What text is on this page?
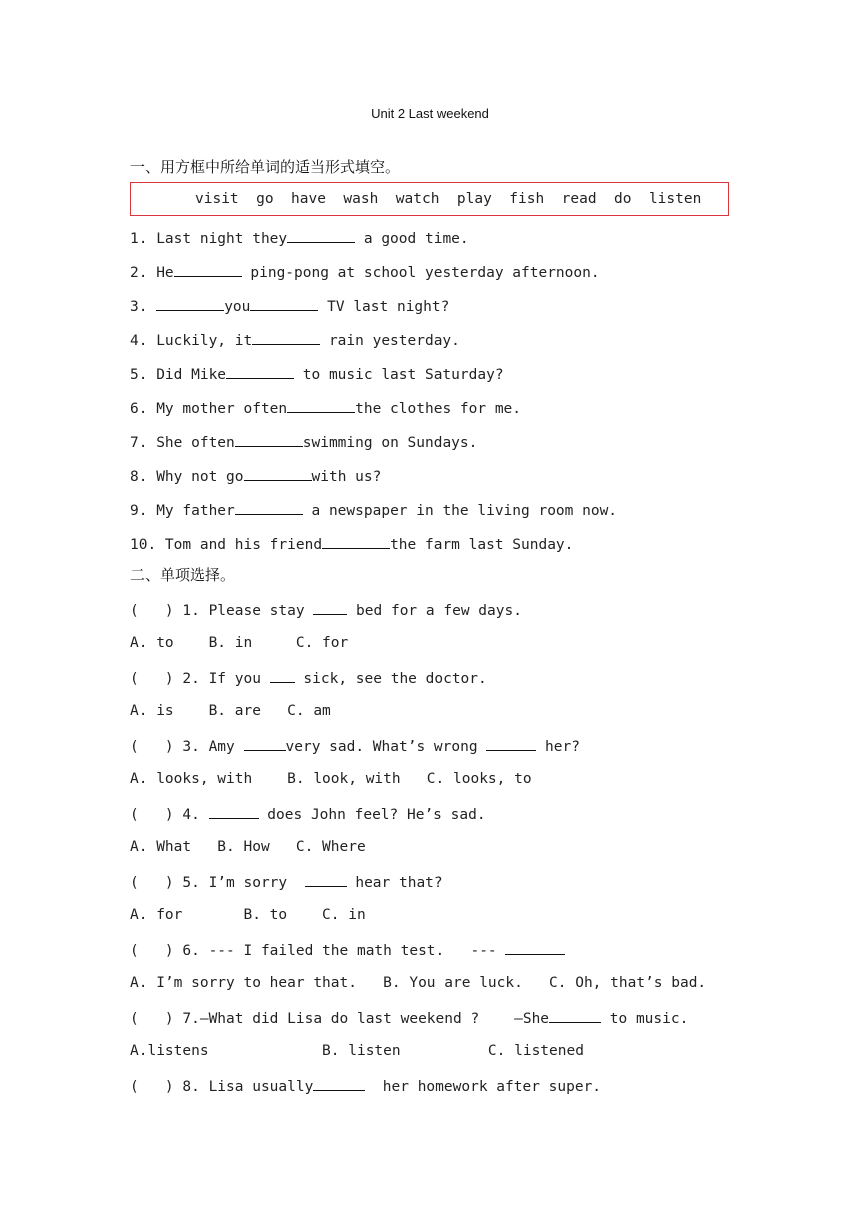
Unit 2 Last weekend
一、用方框中所给单词的适当形式填空。
visit  go  have  wash  watch  play  fish  read  do  listen
1. Last night they	a good time.
2. He	ping-pong at school yesterday afternoon.
3.	you	TV last night?
4. Luckily, it	rain yesterday.
5. Did Mike	to music last Saturday?
6. My mother often	the clothes for me.
7. She often	swimming on Sundays.
8. Why not go	with us?
9. My father	a newspaper in the living room now.
10. Tom and his friend	the farm last Sunday.
二、单项选择。
(   ) 1. Please stay  bed for a few days.
A. to    B. in     C. for
(   ) 2. If you  sick, see the doctor.
A. is    B. are   C. am
(   ) 3. Amy	very sad. What’s wrong	her?
A. looks, with    B. look, with   C. looks, to
(   ) 4.	does John feel? He’s sad.
A. What   B. How   C. Where
(   ) 5. I’m sorry	hear that?
A. for       B. to    C. in
(   ) 6. --- I failed the math test.   ---
A. I’m sorry to hear that.   B. You are luck.   C. Oh, that’s bad.
(   ) 7.—What did Lisa do last weekend ?    —She	to music.
A.listens             B. listen          C. listened
(   ) 8. Lisa usually	her homework after super.
